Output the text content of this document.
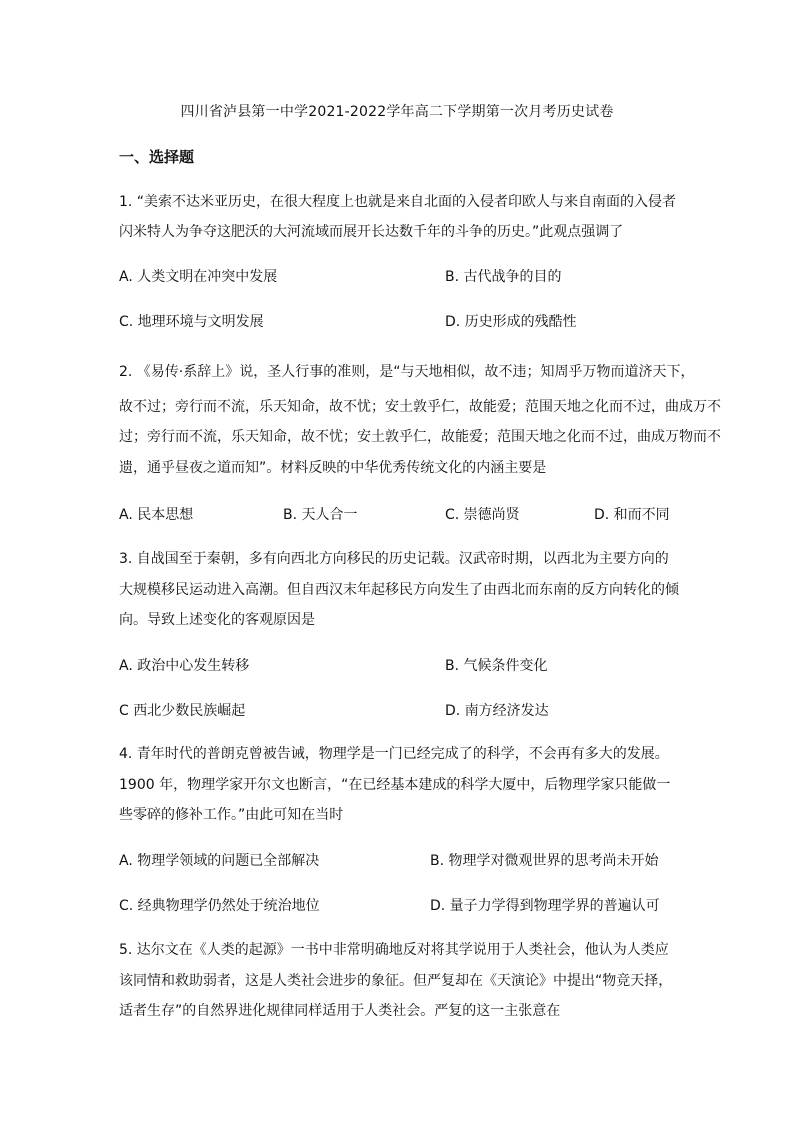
四川省泸县第一中学2021-2022学年高二下学期第一次月考历史试卷
一、选择题
1. “美索不达米亚历史，在很大程度上也就是来自北面的入侵者印欧人与来自南面的入侵者
闪米特人为争夺这肥沃的大河流域而展开长达数千年的斗争的历史。”此观点强调了
A. 人类文明在冲突中发展	B. 古代战争的目的
C. 地理环境与文明发展	D. 历史形成的残酷性
2. 《易传·系辞上》说，圣人行事的准则，是“与天地相似，故不违；知周乎万物而道济天下，
故不过；旁行而不流，乐天知命，故不忧；安土敦乎仁，故能爱；范围天地之化而不过，曲成万不
过；旁行而不流，乐天知命，故不忧；安土敦乎仁，故能爱；范围天地之化而不过，曲成万物而不
遗，通乎昼夜之道而知”。材料反映的中华优秀传统文化的内涵主要是
A. 民本思想	B. 天人合一	C. 崇德尚贤	D. 和而不同
3. 自战国至于秦朝，多有向西北方向移民的历史记载。汉武帝时期，以西北为主要方向的
大规模移民运动进入高潮。但自西汉末年起移民方向发生了由西北而东南的反方向转化的倾
向。导致上述变化的客观原因是
A. 政治中心发生转移	B. 气候条件变化
C 西北少数民族崛起	D. 南方经济发达
4. 青年时代的普朗克曾被告诫，物理学是一门已经完成了的科学，不会再有多大的发展。
1900 年，物理学家开尔文也断言，“在已经基本建成的科学大厦中，后物理学家只能做一
些零碎的修补工作。”由此可知在当时
A. 物理学领域的问题已全部解决	B. 物理学对微观世界的思考尚未开始
C. 经典物理学仍然处于统治地位	D. 量子力学得到物理学界的普遍认可
5. 达尔文在《人类的起源》一书中非常明确地反对将其学说用于人类社会，他认为人类应
该同情和救助弱者，这是人类社会进步的象征。但严复却在《天演论》中提出“物竞天择，
适者生存”的自然界进化规律同样适用于人类社会。严复的这一主张意在
